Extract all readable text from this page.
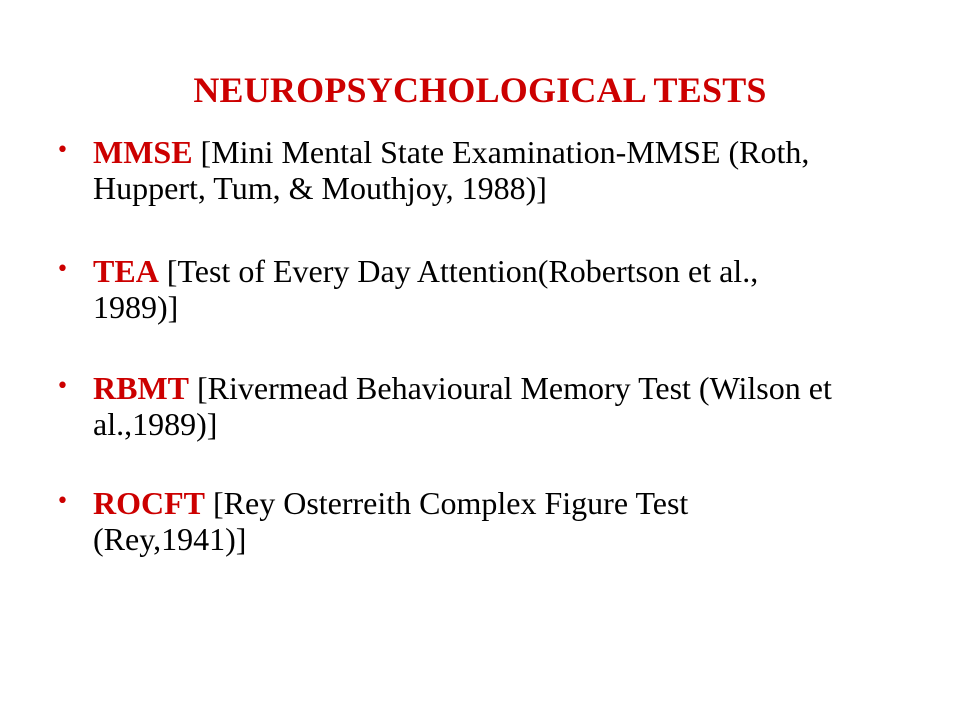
NEUROPSYCHOLOGICAL TESTS
• MMSE [Mini Mental State Examination-MMSE (Roth,
Huppert, Tum, & Mouthjoy, 1988)]
• TEA [Test of Every Day Attention(Robertson et al.,
1989)]
• RBMT [Rivermead Behavioural Memory Test (Wilson et
al.,1989)]
• ROCFT [Rey Osterreith Complex Figure Test
(Rey,1941)]
